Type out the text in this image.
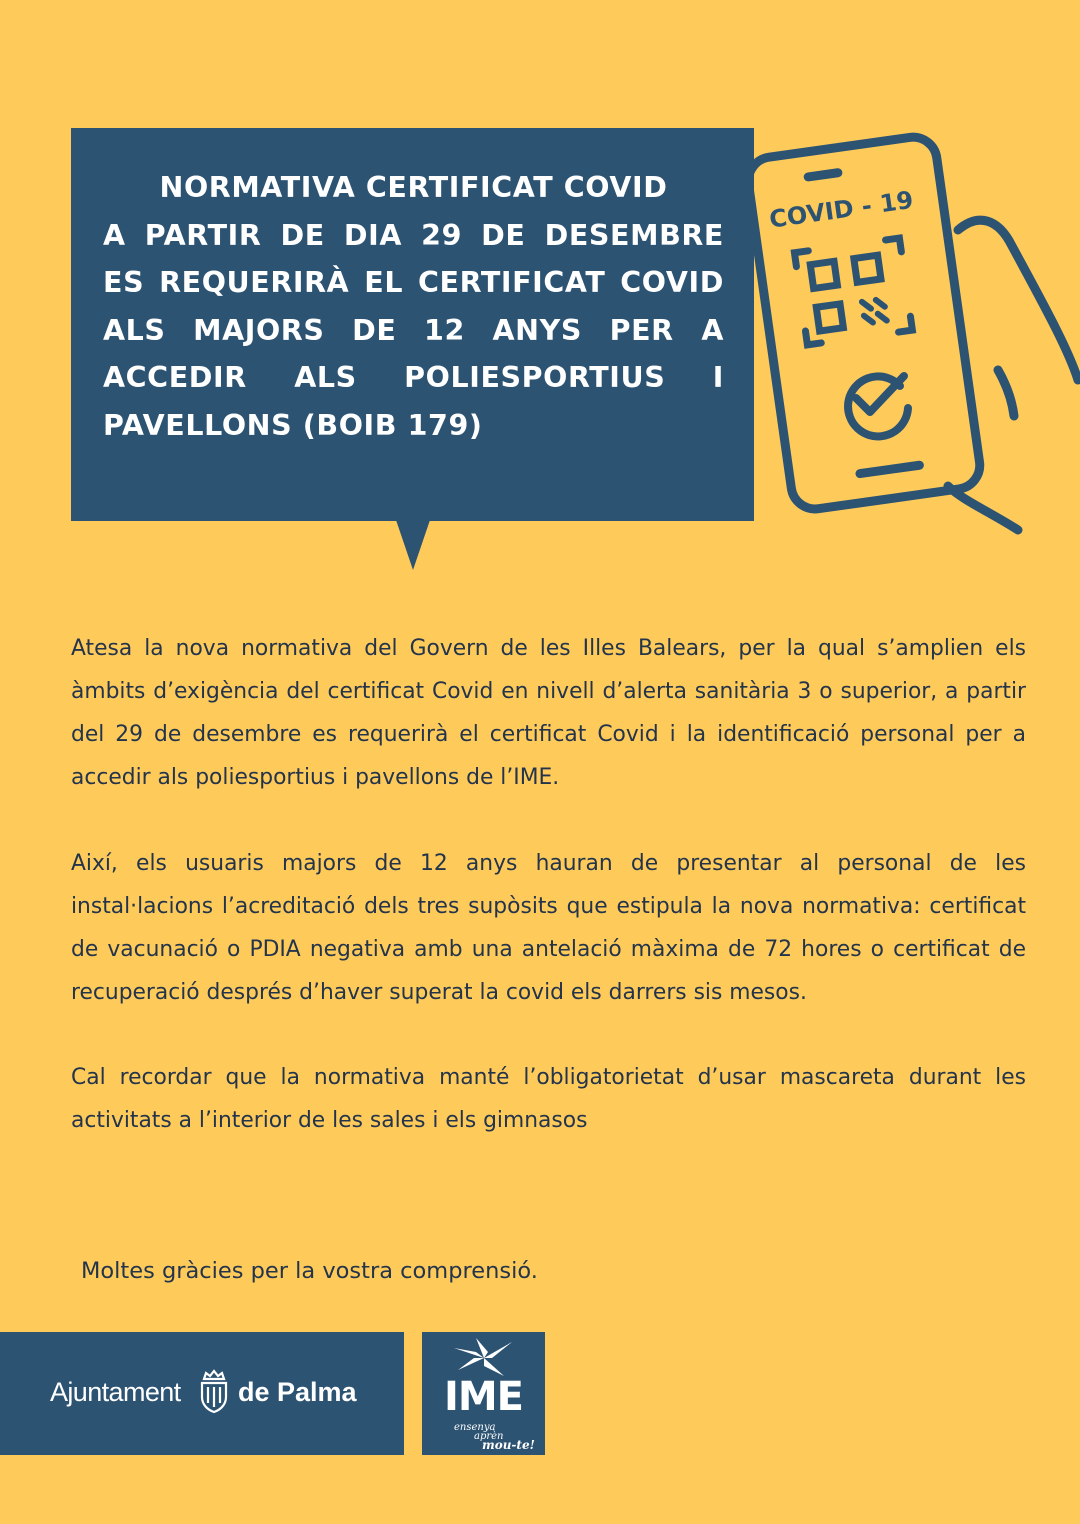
NORMATIVA CERTIFICAT COVID
A PARTIR DE DIA 29 DE DESEMBRE ES REQUERIRÀ EL CERTIFICAT COVID ALS MAJORS DE 12 ANYS PER A ACCEDIR ALS POLIESPORTIUS I PAVELLONS (BOIB 179)
COVID - 19

Atesa la nova normativa del Govern de les Illes Balears, per la qual s’amplien els àmbits d’exigència del certificat Covid en nivell d’alerta sanitària 3 o superior, a partir del 29 de desembre es requerirà el certificat Covid i la identificació personal per a accedir als poliesportius i pavellons de l’IME.

Així, els usuaris majors de 12 anys hauran de presentar al personal de les instal·lacions l’acreditació dels tres supòsits que estipula la nova normativa: certificat de vacunació o PDIA negativa amb una antelació màxima de 72 hores o certificat de recuperació després d’haver superat la covid els darrers sis mesos.

Cal recordar que la normativa manté l’obligatorietat d’usar mascareta durant les activitats a l’interior de les sales i els gimnasos

Moltes gràcies per la vostra comprensió.
Ajuntament de Palma	IME
ensenya
aprèn
mou-te!
